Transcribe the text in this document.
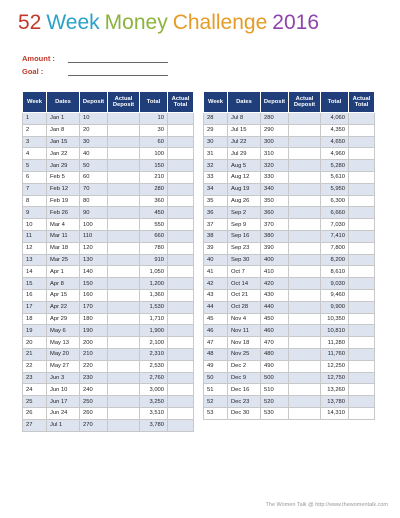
52 Week Money Challenge 2016
Amount :
Goal :
Week	Dates	Deposit	Actual Deposit	Total	Actual Total
1	Jan 1	10		10	
2	Jan 8	20		30	
3	Jan 15	30		60	
4	Jan 22	40		100	
5	Jan 29	50		150	
6	Feb 5	60		210	
7	Feb 12	70		280	
8	Feb 19	80		360	
9	Feb 26	90		450	
10	Mar 4	100		550	
11	Mar 11	110		660	
12	Mar 18	120		780	
13	Mar 25	130		910	
14	Apr 1	140		1,050	
15	Apr 8	150		1,200	
16	Apr 15	160		1,360	
17	Apr 22	170		1,530	
18	Apr 29	180		1,710	
19	May 6	190		1,900	
20	May 13	200		2,100	
21	May 20	210		2,310	
22	May 27	220		2,530	
23	Jun 3	230		2,760	
24	Jun 10	240		3,000	
25	Jun 17	250		3,250	
26	Jun 24	260		3,510	
27	Jul 1	270		3,780	
Week	Dates	Deposit	Actual Deposit	Total	Actual Total
28	Jul 8	280		4,060	
29	Jul 15	290		4,350	
30	Jul 22	300		4,650	
31	Jul 29	310		4,960	
32	Aug 5	320		5,280	
33	Aug 12	330		5,610	
34	Aug 19	340		5,950	
35	Aug 26	350		6,300	
36	Sep 2	360		6,660	
37	Sep 9	370		7,030	
38	Sep 16	380		7,410	
39	Sep 23	390		7,800	
40	Sep 30	400		8,200	
41	Oct 7	410		8,610	
42	Oct 14	420		9,030	
43	Oct 21	430		9,460	
44	Oct 28	440		9,900	
45	Nov 4	450		10,350	
46	Nov 11	460		10,810	
47	Nov 18	470		11,280	
48	Nov 25	480		11,760	
49	Dec 2	490		12,250	
50	Dec 9	500		12,750	
51	Dec 16	510		13,260	
52	Dec 23	520		13,780	
53	Dec 30	530		14,310	
The Women Talk @ http://www.thewomentalk.com
